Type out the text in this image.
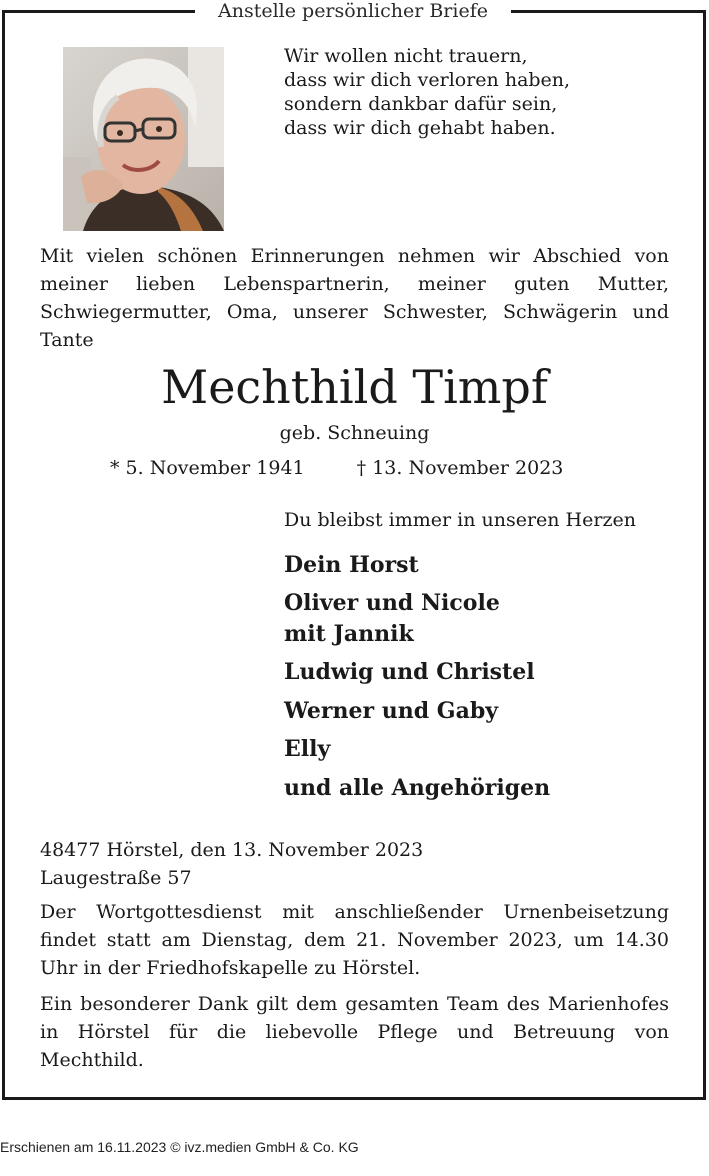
Anstelle persönlicher Briefe
Wir wollen nicht trauern,
dass wir dich verloren haben,
sondern dankbar dafür sein,
dass wir dich gehabt haben.

Mit vielen schönen Erinnerungen nehmen wir Abschied von meiner lieben Lebenspartnerin, meiner guten Mutter, Schwiegermutter, Oma, unserer Schwester, Schwägerin und Tante

Mechthild Timpf
geb. Schneuing
* 5. November 1941	† 13. November 2023
Du bleibst immer in unseren Herzen
Dein Horst
Oliver und Nicole
mit Jannik
Ludwig und Christel
Werner und Gaby
Elly
und alle Angehörigen
48477 Hörstel, den 13. November 2023
Laugestraße 57

Der Wortgottesdienst mit anschließender Urnenbeisetzung findet statt am Dienstag, dem 21. November 2023, um 14.30 Uhr in der Friedhofskapelle zu Hörstel.

Ein besonderer Dank gilt dem gesamten Team des Marienhofes in Hörstel für die liebevolle Pflege und Betreuung von Mechthild.

Erschienen am 16.11.2023 © ivz.medien GmbH & Co. KG
